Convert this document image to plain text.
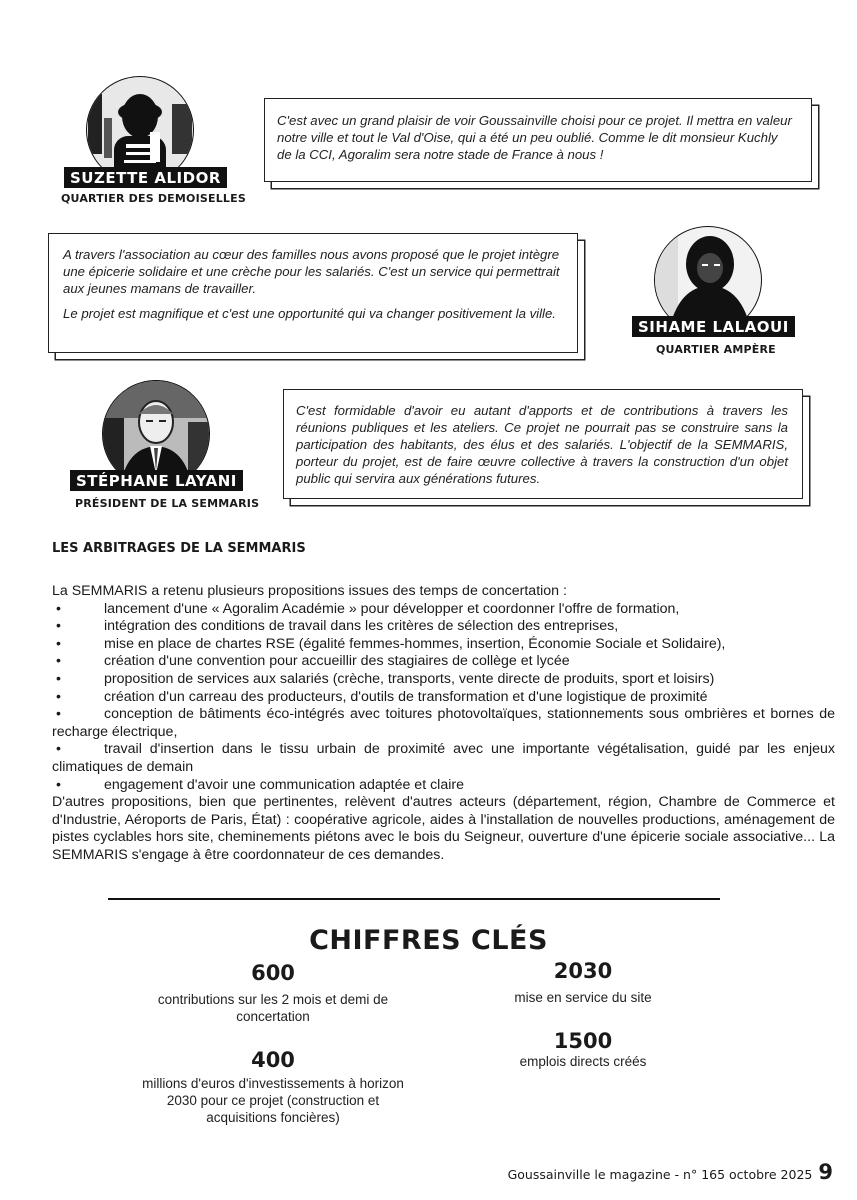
SUZETTE ALIDOR
QUARTIER DES DEMOISELLES

C'est avec un grand plaisir de voir Goussainville choisi pour ce projet. Il mettra en valeur notre ville et tout le Val d'Oise, qui a été un peu oublié. Comme le dit monsieur Kuchly de la CCI, Agoralim sera notre stade de France à nous !

A travers l'association au cœur des familles nous avons proposé que le projet intègre une épicerie solidaire et une crèche pour les salariés. C'est un service qui permettrait aux jeunes mamans de travailler.

Le projet est magnifique et c'est une opportunité qui va changer positivement la ville.

SIHAME LALAOUI
QUARTIER AMPÈRE
STÉPHANE LAYANI
PRÉSIDENT DE LA SEMMARIS

C'est formidable d'avoir eu autant d'apports et de contributions à travers les réunions publiques et les ateliers. Ce projet ne pourrait pas se construire sans la participation des habitants, des élus et des salariés. L'objectif de la SEMMARIS, porteur du projet, est de faire œuvre collective à travers la construction d'un objet public qui servira aux générations futures.

LES ARBITRAGES DE LA SEMMARIS

La SEMMARIS a retenu plusieurs propositions issues des temps de concertation :

•	lancement d'une « Agoralim Académie » pour développer et coordonner l'offre de formation,
•	intégration des conditions de travail dans les critères de sélection des entreprises,
•	mise en place de chartes RSE (égalité femmes-hommes, insertion, Économie Sociale et Solidaire),
•	création d'une convention pour accueillir des stagiaires de collège et lycée
•	proposition de services aux salariés (crèche, transports, vente directe de produits, sport et loisirs)
•	création d'un carreau des producteurs, d'outils de transformation et d'une logistique de proximité
•	conception de bâtiments éco-intégrés avec toitures photovoltaïques, stationnements sous ombrières et bornes de recharge électrique,
•	travail d'insertion dans le tissu urbain de proximité avec une importante végétalisation, guidé par les enjeux climatiques de demain
•	engagement d'avoir une communication adaptée et claire

D'autres propositions, bien que pertinentes, relèvent d'autres acteurs (département, région, Chambre de Commerce et d'Industrie, Aéroports de Paris, État) : coopérative agricole, aides à l'installation de nouvelles productions, aménagement de pistes cyclables hors site, cheminements piétons avec le bois du Seigneur, ouverture d'une épicerie sociale associative... La SEMMARIS s'engage à être coordonnateur de ces demandes.

CHIFFRES CLÉS
600
contributions sur les 2 mois et demi de concertation
2030
mise en service du site
400
millions d'euros d'investissements à horizon 2030 pour ce projet (construction et acquisitions foncières)
1500
emplois directs créés
Goussainville le magazine - n° 165 octobre 2025 9
